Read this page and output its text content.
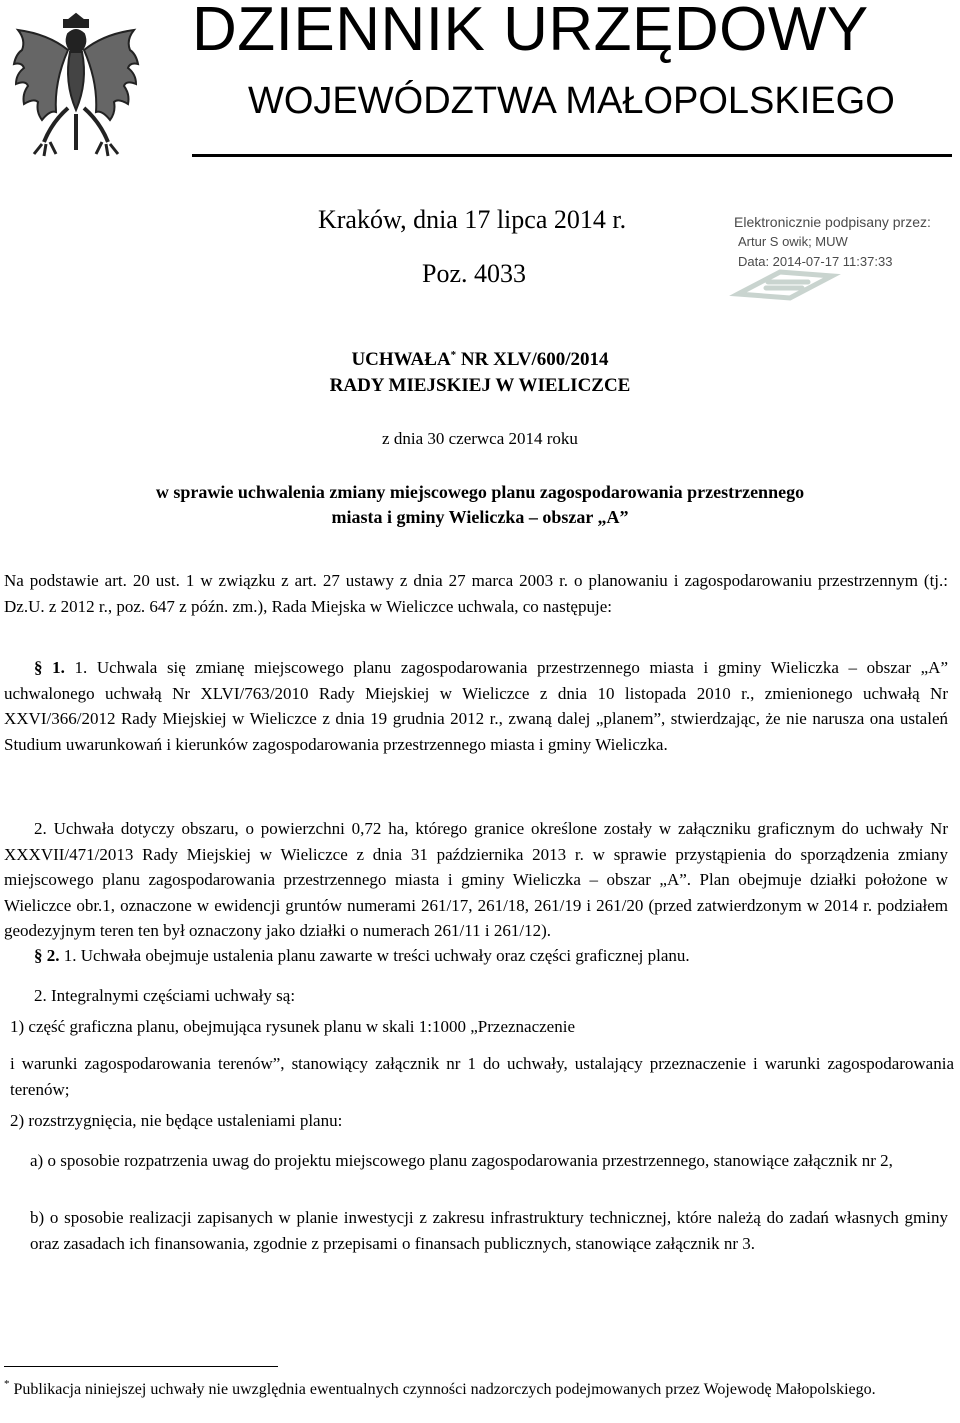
DZIENNIK URZĘDOWY
WOJEWÓDZTWA MAŁOPOLSKIEGO
Kraków, dnia 17 lipca 2014 r.
Poz. 4033
Elektronicznie podpisany przez:
Artur S owik; MUW
Data: 2014-07-17 11:37:33
UCHWAŁA* NR XLV/600/2014
RADY MIEJSKIEJ W WIELICZCE
z dnia 30 czerwca 2014 roku
w sprawie uchwalenia zmiany miejscowego planu zagospodarowania przestrzennego
miasta i gminy Wieliczka – obszar „A”
Na podstawie art. 20 ust. 1 w związku z art. 27 ustawy z dnia 27 marca 2003 r. o planowaniu i zagospodarowaniu przestrzennym (tj.: Dz.U. z 2012 r., poz. 647 z późn. zm.), Rada Miejska w Wieliczce uchwala, co następuje:
§ 1. 1. Uchwala się zmianę miejscowego planu zagospodarowania przestrzennego miasta i gminy Wieliczka – obszar „A” uchwalonego uchwałą Nr XLVI/763/2010 Rady Miejskiej w Wieliczce z dnia 10 listopada 2010 r., zmienionego uchwałą Nr XXVI/366/2012 Rady Miejskiej w Wieliczce z dnia 19 grudnia 2012 r., zwaną dalej „planem”, stwierdzając, że nie narusza ona ustaleń Studium uwarunkowań i kierunków zagospodarowania przestrzennego miasta i gminy Wieliczka.
2. Uchwała dotyczy obszaru, o powierzchni 0,72 ha, którego granice określone zostały w załączniku graficznym do uchwały Nr XXXVII/471/2013 Rady Miejskiej w Wieliczce z dnia 31 października 2013 r. w sprawie przystąpienia do sporządzenia zmiany miejscowego planu zagospodarowania przestrzennego miasta i gminy Wieliczka – obszar „A”. Plan obejmuje działki położone w Wieliczce obr.1, oznaczone w ewidencji gruntów numerami 261/17, 261/18, 261/19 i 261/20 (przed zatwierdzonym w 2014 r. podziałem geodezyjnym teren ten był oznaczony jako działki o numerach 261/11 i 261/12).
§ 2. 1. Uchwała obejmuje ustalenia planu zawarte w treści uchwały oraz części graficznej planu.
2. Integralnymi częściami uchwały są:
1) część graficzna planu, obejmująca rysunek planu w skali 1:1000 „Przeznaczenie
i warunki zagospodarowania terenów”, stanowiący załącznik nr 1 do uchwały, ustalający przeznaczenie i warunki zagospodarowania terenów;
2) rozstrzygnięcia, nie będące ustaleniami planu:
a) o sposobie rozpatrzenia uwag do projektu miejscowego planu zagospodarowania przestrzennego, stanowiące załącznik nr 2,
b) o sposobie realizacji zapisanych w planie inwestycji z zakresu infrastruktury technicznej, które należą do zadań własnych gminy oraz zasadach ich finansowania, zgodnie z przepisami o finansach publicznych, stanowiące załącznik nr 3.
* Publikacja niniejszej uchwały nie uwzględnia ewentualnych czynności nadzorczych podejmowanych przez Wojewodę Małopolskiego.
